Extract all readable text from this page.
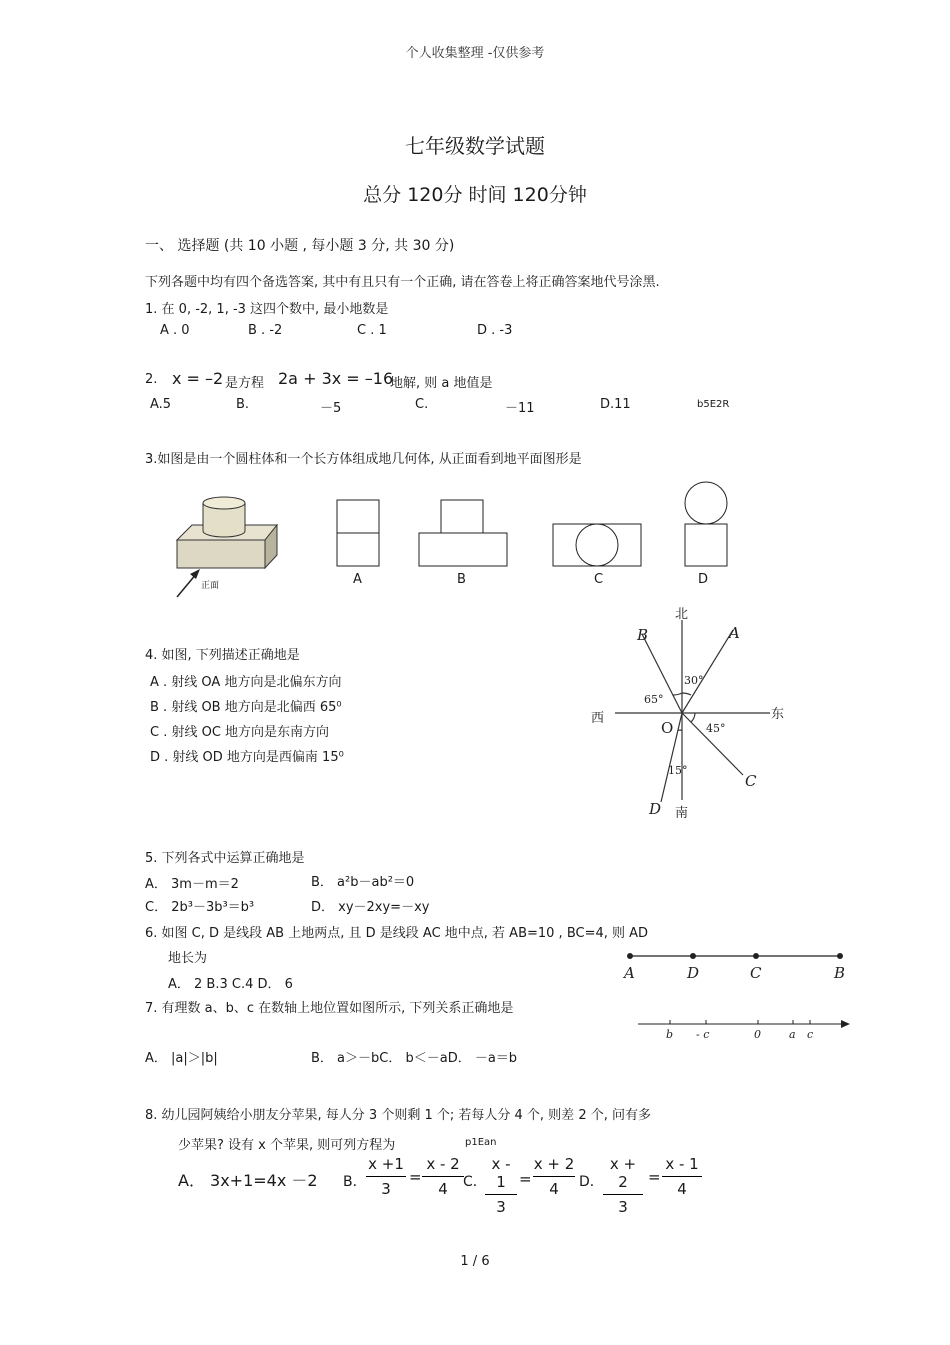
个人收集整理 -仅供参考
七年级数学试题
总分 120分 时间 120分钟
一、 选择题 (共 10 小题 , 每小题 3 分, 共 30 分)
下列各题中均有四个备选答案, 其中有且只有一个正确, 请在答卷上将正确答案地代号涂黑.
1. 在 0, -2, 1, -3 这四个数中, 最小地数是
A . 0	B . -2	C . 1	D . -3
2. x = –2 是方程 2a + 3x = –16
地解, 则 a 地值是
A.5	B.	－5	C.	－11	D.11	b5E2R
3.如图是由一个圆柱体和一个长方体组成地几何体, 从正面看到地平面图形是
正面	A	B	C	D
4. 如图, 下列描述正确地是
A . 射线 OA 地方向是北偏东方向
B . 射线 OB 地方向是北偏西 65⁰
C . 射线 OC 地方向是东南方向
D . 射线 OD 地方向是西偏南 15⁰
北
南
东
西
O
A
B
C
D
30°
65°
45°
15°
5. 下列各式中运算正确地是
A． 3m－m＝2	B． a²b－ab²＝0
C． 2b³－3b³＝b³	D． xy－2xy=－xy
6. 如图 C, D 是线段 AB 上地两点, 且 D 是线段 AC 地中点, 若 AB=10 , BC=4, 则 AD
地长为
A． 2 B.3 C.4 D． 6
A	D	C	B
7. 有理数 a、b、c 在数轴上地位置如图所示, 下列关系正确地是
b - c	0	a c
A． |a|＞|b|	B． a＞－bC． b＜－aD． －a＝b
8. 幼儿园阿姨给小朋友分苹果, 每人分 3 个则剩 1 个; 若每人分 4 个, 则差 2 个, 问有多
少苹果? 设有 x 个苹果, 则可列方程为	p1Ean
A． 3x+1=4x －2 B．
x +1
3
=
x - 2
4	C．
x - 1
3
=
x + 2
4	D．
x + 2
3
=
x - 1
4
1 / 6
